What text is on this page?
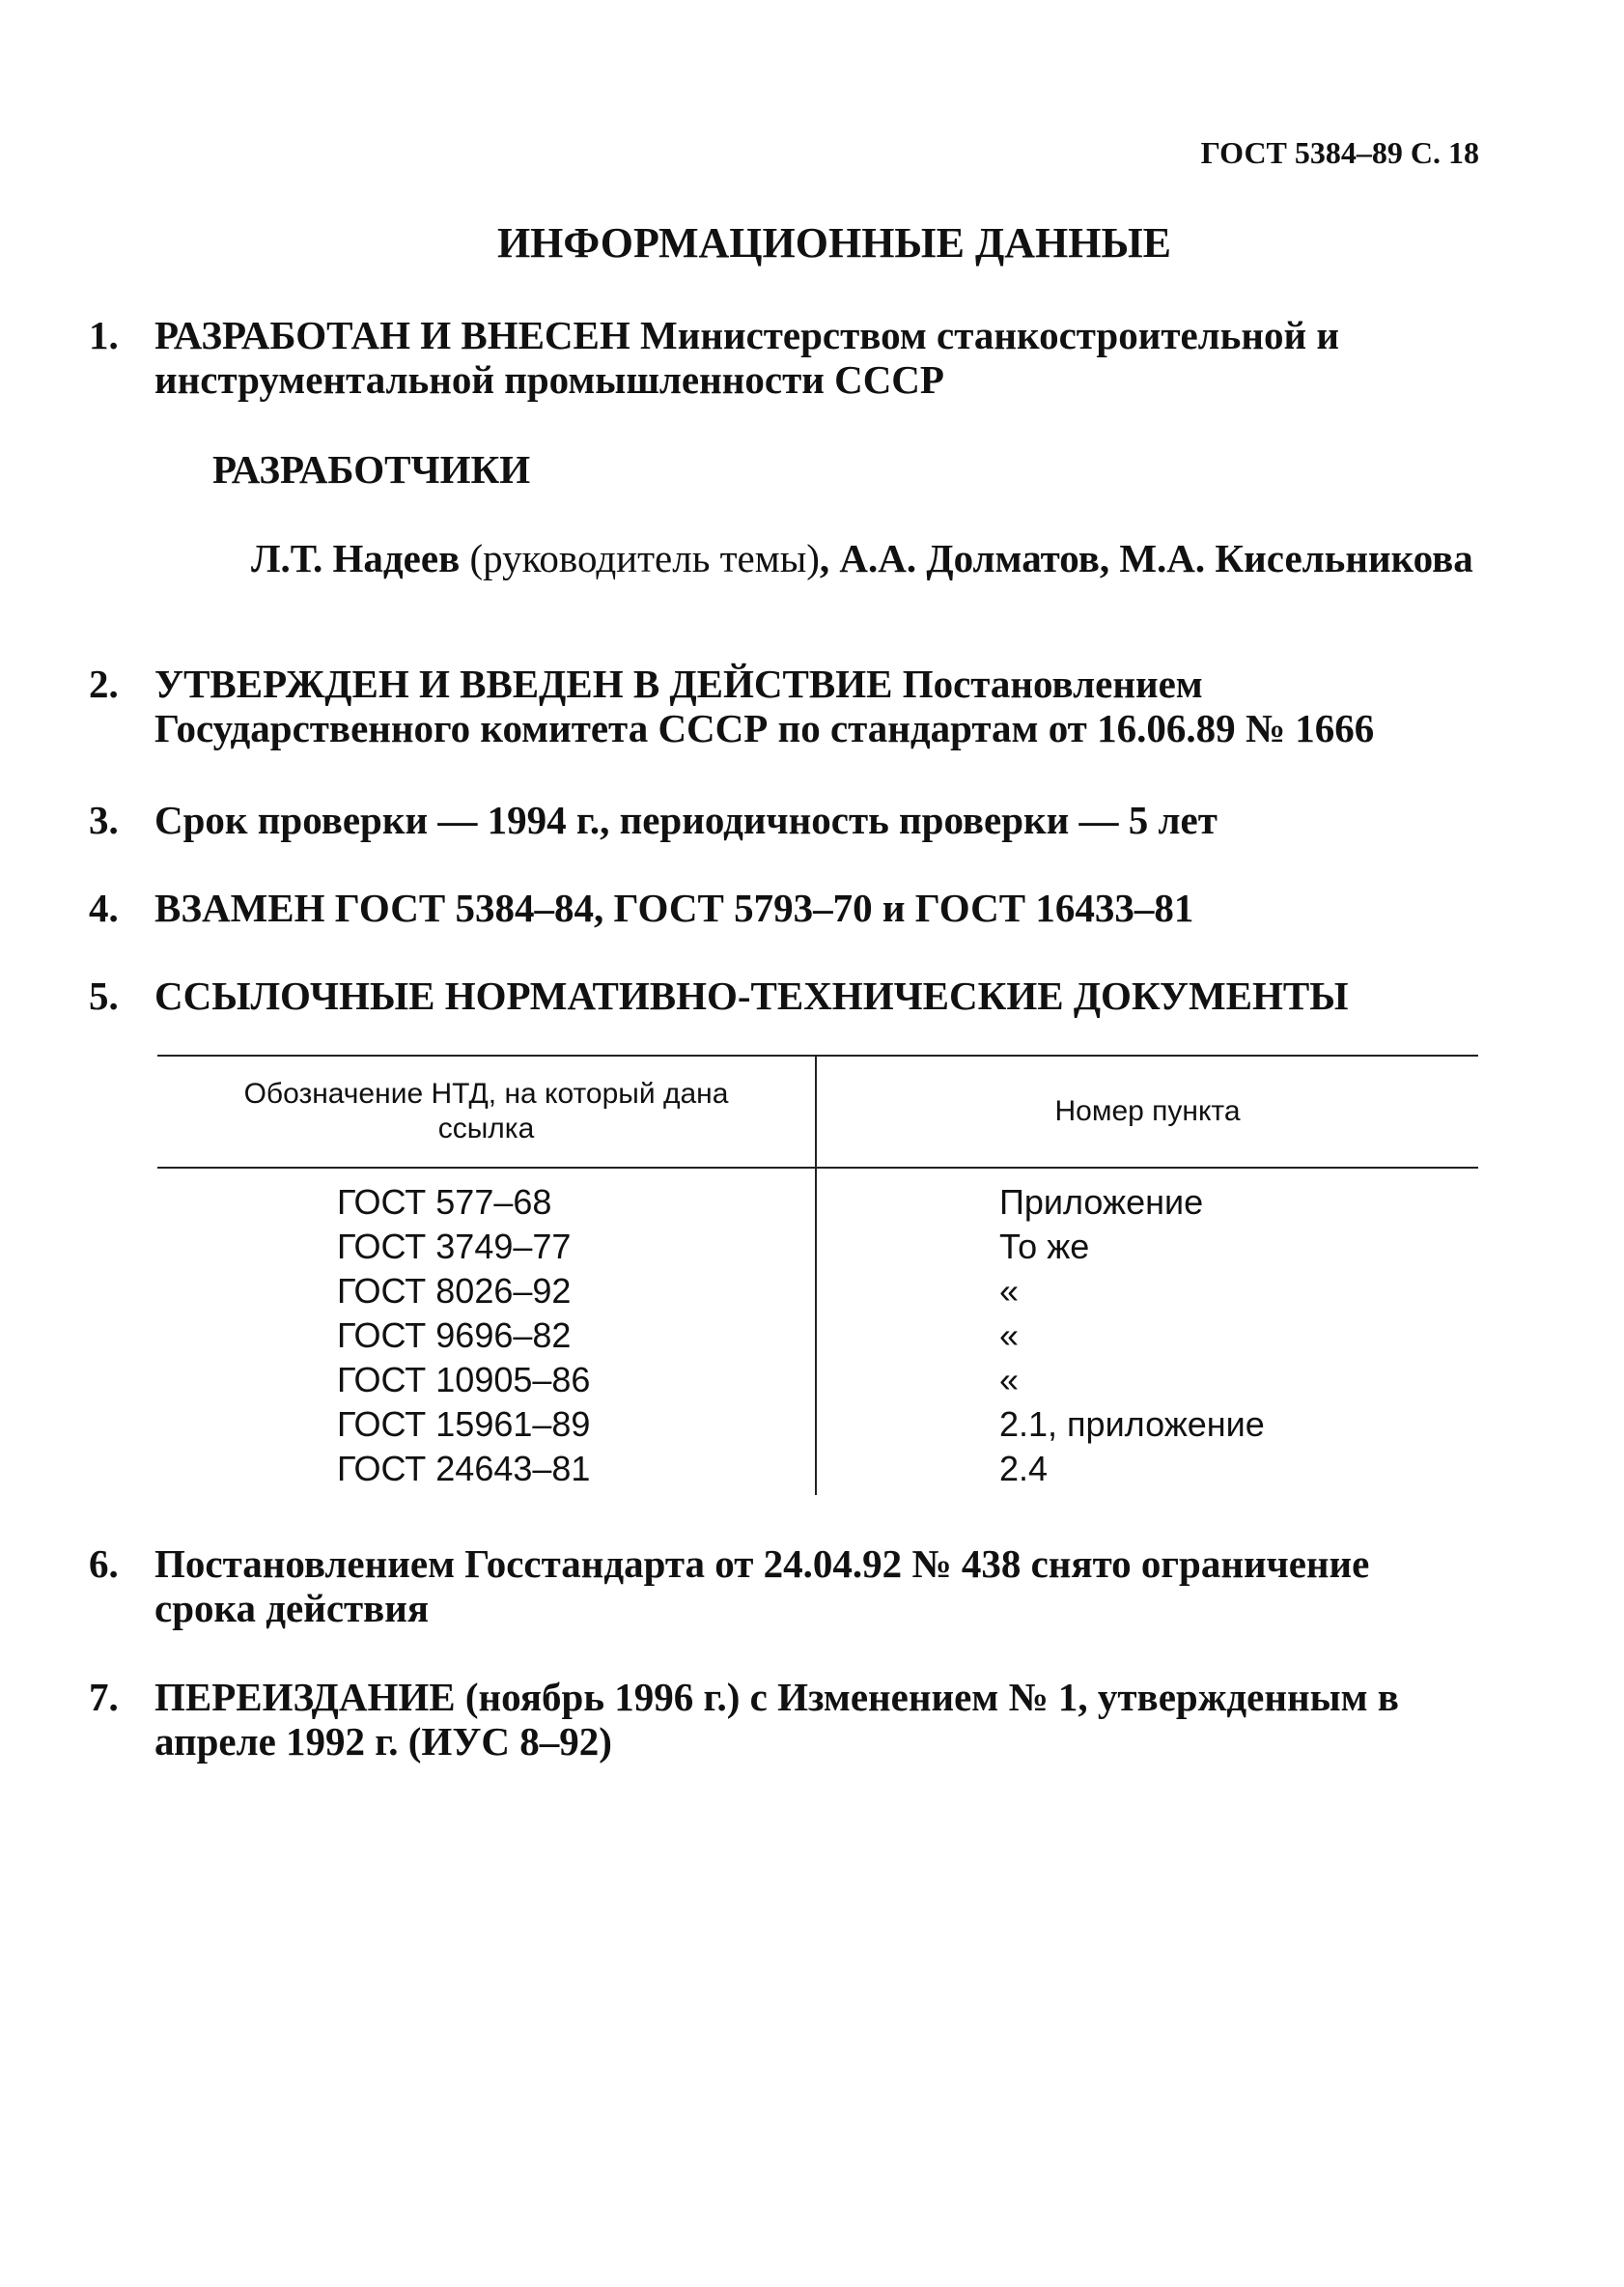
ГОСТ 5384–89 С. 18
ИНФОРМАЦИОННЫЕ ДАННЫЕ
1. РАЗРАБОТАН И ВНЕСЕН Министерством станкостроительной и инструментальной промышленности СССР
РАЗРАБОТЧИКИ
Л.Т. Надеев (руководитель темы), А.А. Долматов, М.А. Кисельникова
2. УТВЕРЖДЕН И ВВЕДЕН В ДЕЙСТВИЕ Постановлением Государственного комитета СССР по стандартам от 16.06.89 № 1666
3. Срок проверки — 1994 г., периодичность проверки — 5 лет
4. ВЗАМЕН ГОСТ 5384–84, ГОСТ 5793–70 и ГОСТ 16433–81
5. ССЫЛОЧНЫЕ НОРМАТИВНО-ТЕХНИЧЕСКИЕ ДОКУМЕНТЫ
Обозначение НТД, на который дана ссылка
Номер пункта
ГОСТ 577–68
ГОСТ 3749–77
ГОСТ 8026–92
ГОСТ 9696–82
ГОСТ 10905–86
ГОСТ 15961–89
ГОСТ 24643–81
Приложение
То же
«
«
«
2.1, приложение
2.4
6. Постановлением Госстандарта от 24.04.92 № 438 снято ограничение срока действия
7. ПЕРЕИЗДАНИЕ (ноябрь 1996 г.) с Изменением № 1, утвержденным в апреле 1992 г. (ИУС 8–92)
